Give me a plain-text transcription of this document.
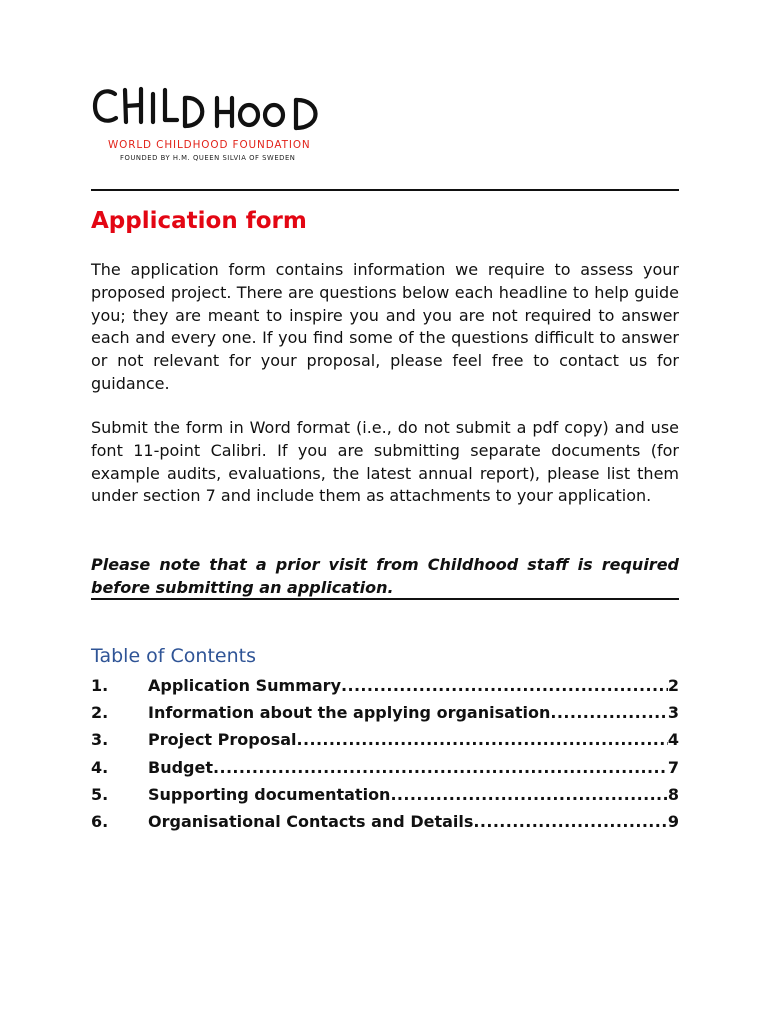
WORLD CHILDHOOD FOUNDATION
FOUNDED BY H.M. QUEEN SILVIA OF SWEDEN
Application form

The application form contains information we require to assess your proposed project. There are questions below each headline to help guide you; they are meant to inspire you and you are not required to answer each and every one. If you find some of the questions difficult to answer or not relevant for your proposal, please feel free to contact us for guidance.

Submit the form in Word format (i.e., do not submit a pdf copy) and use font 11-point Calibri. If you are submitting separate documents (for example audits, evaluations, the latest annual report), please list them under section 7 and include them as attachments to your application.

Please note that a prior visit from Childhood staff is required before submitting an application.

Table of Contents
1.	Application Summary .....	2
2.	Information about the applying organisation .....	3
3.	Project Proposal .....	4
4.	Budget .....	7
5.	Supporting documentation .....	8
6.	Organisational Contacts and Details .....	9
